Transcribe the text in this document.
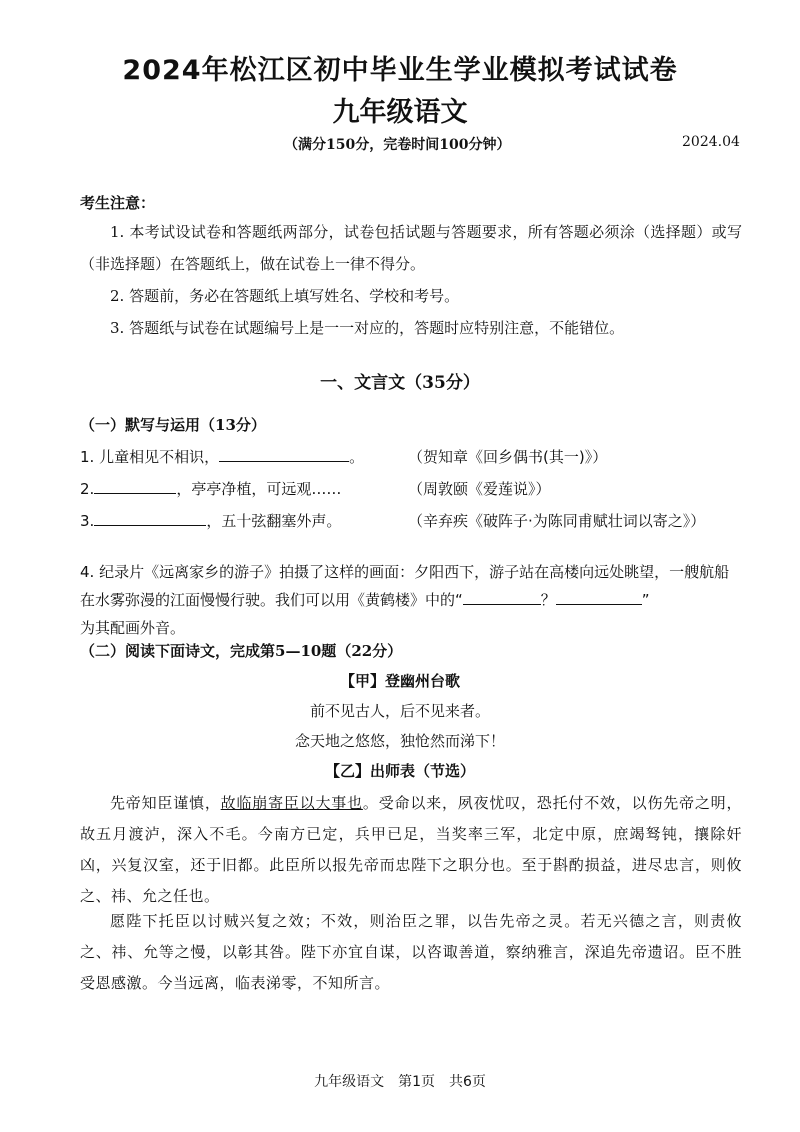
2024年松江区初中毕业生学业模拟考试试卷
九年级语文
（满分150分，完卷时间100分钟）	2024.04
考生注意：
1. 本考试设试卷和答题纸两部分，试卷包括试题与答题要求，所有答题必须涂（选择题）或写（非选择题）在答题纸上，做在试卷上一律不得分。
2. 答题前，务必在答题纸上填写姓名、学校和考号。
3. 答题纸与试卷在试题编号上是一一对应的，答题时应特别注意，不能错位。
一、文言文（35分）
（一）默写与运用（13分）
1. 儿童相见不相识，	。	（贺知章《回乡偶书(其一)》）
2.	，亭亭净植，可远观……	（周敦颐《爱莲说》）
3.	，五十弦翻塞外声。	（辛弃疾《破阵子·为陈同甫赋壮词以寄之》）
4. 纪录片《远离家乡的游子》拍摄了这样的画面：夕阳西下，游子站在高楼向远处眺望，一艘航船在水雾弥漫的江面慢慢行驶。我们可以用《黄鹤楼》中的“	？	”
为其配画外音。
（二）阅读下面诗文，完成第5—10题（22分）
【甲】登幽州台歌
前不见古人，后不见来者。
念天地之悠悠，独怆然而涕下！
【乙】出师表（节选）
先帝知臣谨慎，故临崩寄臣以大事也。受命以来，夙夜忧叹，恐托付不效，以伤先帝之明，故五月渡泸，深入不毛。今南方已定，兵甲已足，当奖率三军，北定中原，庶竭驽钝，攘除奸凶，兴复汉室，还于旧都。此臣所以报先帝而忠陛下之职分也。至于斟酌损益，进尽忠言，则攸之、祎、允之任也。
愿陛下托臣以讨贼兴复之效；不效，则治臣之罪，以告先帝之灵。若无兴德之言，则责攸之、祎、允等之慢，以彰其咎。陛下亦宜自谋，以咨诹善道，察纳雅言，深追先帝遗诏。臣不胜受恩感激。今当远离，临表涕零，不知所言。
九年级语文　第1页　共6页
